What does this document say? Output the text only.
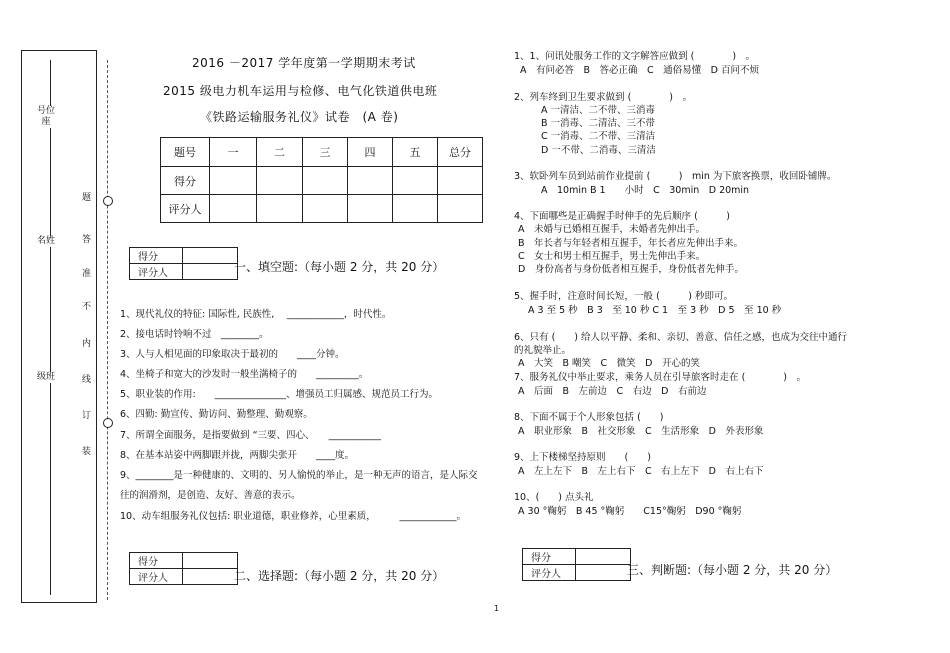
号位座
名姓
级班
题
答
准
不
内
线
订
装
2016 －2017 学年度第一学期期末考试
2015 级电力机车运用与检修、电气化铁道供电班
《铁路运输服务礼仪》试卷　(A 卷)
题号	一	二	三	四	五	总分
得分						
评分人						
得分	
评分人		一、填空题:（每小题 2 分，共 20 分）
1、现代礼仪的特征: 国际性, 民族性,　 ____________，时代性。
2、接电话时铃响不过　________。
3、人与人相见面的印象取决于最初的　　____分钟。
4、坐椅子和宽大的沙发时一般坐满椅子的　　_________。
5、职业装的作用:　　_______________、增强员工归属感、规范员工行为。
6、四勤: 勤宣传、勤访问、勤整理、勤观察。
7、所谓全面服务，是指要做到 “三要、四心、　　___________
8、在基本站姿中两脚跟并拢，两脚尖张开　　____度。
9、________是一种健康的、文明的、另人愉悦的举止，是一种无声的语言，是人际交
往的润滑剂，是创造、友好、善意的表示。
10、动车组服务礼仪包括: 职业道德，职业修养，心里素质，　　　____________。
得分	
评分人		二、选择题:（每小题 2 分，共 20 分）
1、1、问讯处服务工作的文字解答应做到 (　　　　)　。
A　有问必答　B　答必正确　C　通俗易懂　D 百问不烦
2、列车终到卫生要求做到 (　　　　)　。
A 一清洁、二不带、三消毒
B 一消毒、二清洁、三不带
C 一消毒、二不带、三清洁
D 一不带、二消毒、三清洁
3、软卧列车员到站前作业提前 (　　　)　min 为下旅客换票，收回卧铺牌。
A　10min B 1　　小时　C　30min　D 20min
4、下面哪些是正确握手时伸手的先后顺序 (　　　)
A　未婚与已婚相互握手，未婚者先伸出手。
B　年长者与年轻者相互握手，年长者应先伸出手来。
C　女士和男士相互握手，男士先伸出手来。
D　身份高者与身份低者相互握手，身份低者先伸手。
5、握手时，注意时间长短，一般 (　　　) 秒即可。
A 3 至 5 秒　B 3　至 10 秒 C 1　至 3 秒　D 5　至 10 秒
6、只有 (　　) 给人以平静、柔和、亲切、善意、信任之感，也成为交往中通行
的礼貌举止。
A　大笑　B 嘲笑　C　微笑　D　开心的笑
7、服务礼仪中举止要求，乘务人员在引导旅客时走在 (　　　　)　。
A　后面　B　左前边　C　右边　D　右前边
8、下面不属于个人形象包括 (　　)
A　职业形象　B　社交形象　C　生活形象　D　外表形象
9、上下楼梯坚持原则　　(　　)
A　左上左下　B　左上右下　C　右上左下　D　右上右下
10、(　　) 点头礼
A 30 °鞠躬　B 45 °鞠躬　　C15°鞠躬　D90 °鞠躬
得分	
评分人		三、判断题:（每小题 2 分，共 20 分）
1
